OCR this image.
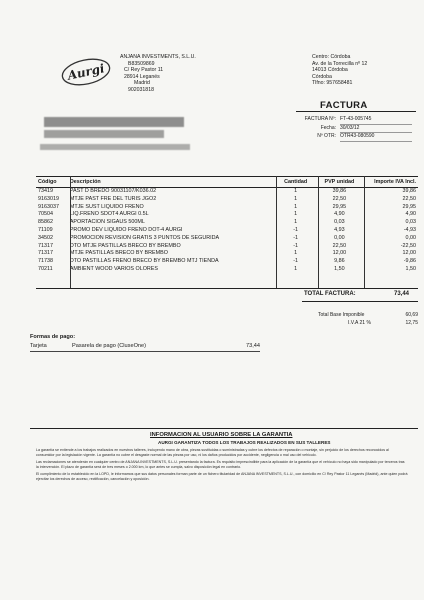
Aurgi
ANJANA INVESTMENTS, S.L.U.
B83509869
C/ Rey Pastor 11
28914 Leganés
Madrid
902031818
Centro: Córdoba
Av. de la Torrecilla nº 12
14013 Córdoba
Córdoba
Tlfno: 957658481
FACTURA
FACTURA Nº: FT-43-005745
Fecha: 30/03/12
Nº OTR: OTR43-080590
Código	Descripción	Cantidad	PVP unidad	Importe IVA Incl.
73419	PAST D BREDO 90031107/K036.02	1	39,86	39,86
9163019	MTJE PAST FRE DEL TURIS JGO2	1	22,50	22,50
9163037	MTJE SUST LIQUIDO FRENO	1	29,95	29,95
70504	LIQ.FRENO SDOT4 AURGI 0.5L	1	4,90	4,90
85862	APORTACION SIGAUS 500ML	1	0,03	0,03
71109	PROMO DEV LIQUIDO FRENO DOT-4 AURGI	-1	4,93	-4,93
34502	PROMOCION REVISION GRATIS 3 PUNTOS DE SEGURIDA	-1	0,00	0,00
71317	DTO MTJE PASTILLAS BRECO BY BREMBO	-1	22,50	-22,50
71317	MTJE PASTILLAS BRECO BY BREMBO	1	12,00	12,00
71738	DTO PASTILLAS FRENO BRECO BY BREMBO MTJ TIENDA	-1	9,86	-9,86
70211	AMBIENT WOOD VARIOS OLORES	1	1,50	1,50
TOTAL FACTURA:	73,44
Total Base Imponible	60,69
I.V.A 21 %	12,75
Formas de pago:
Tarjeta	Pasarela de pago (CluseOne)	73,44
INFORMACION AL USUARIO SOBRE LA GARANTIA
AURGI GARANTIZA TODOS LOS TRABAJOS REALIZADOS EN SUS TALLERES

La garantía se extiende a los trabajos realizados en nuestros talleres, incluyendo mano de obra, piezas sustituidas o suministradas y cubre los defectos de reparación o montaje, sin perjuicio de los derechos reconocidos al consumidor por la legislación vigente. La garantía no cubre el desgaste normal de las piezas por uso, ni los daños producidos por accidente, negligencia o mal uso del vehículo.

Las reclamaciones se atenderán en cualquier centro de ANJANA INVESTMENTS, S.L.U. presentando la factura. Es requisito imprescindible para la aplicación de la garantía que el vehículo no haya sido manipulado por terceros tras la intervención. El plazo de garantía será de tres meses o 2.000 km, lo que antes se cumpla, salvo disposición legal en contrario.

El cumplimiento de lo establecido en la LOPD, le informamos que sus datos personales forman parte de un fichero titularidad de ANJANA INVESTMENTS, S.L.U., con domicilio en C/ Rey Pastor 11 Leganés (Madrid), ante quien podrá ejercitar los derechos de acceso, rectificación, cancelación y oposición.
